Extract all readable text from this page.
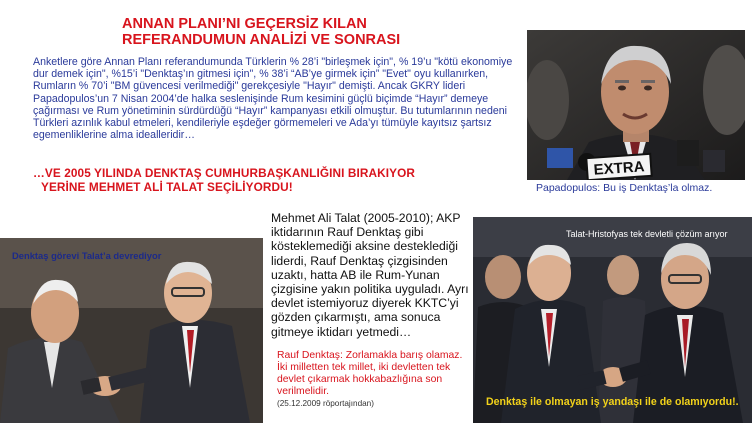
ANNAN PLANI’NI GEÇERSİZ KILAN
REFERANDUMUN ANALİZİ VE SONRASI
Anketlere göre Annan Planı referandumunda Türklerin % 28’i "birleşmek için", % 19’u "kötü ekonomiye dur demek için", %15’i "Denktaş’ın gitmesi için", % 38’i “AB’ye girmek için” "Evet" oyu kullanırken, Rumların % 70’i "BM güvencesi verilmediği" gerekçesiyle "Hayır" demişti. Ancak GKRY lideri Papadopulos’un 7 Nisan 2004’de halka seslenişinde Rum kesimini güçlü biçimde “Hayır” demeye çağırması ve Rum yönetiminin sürdürdüğü “Hayır” kampanyası etkili olmuştur. Bu tutumlarının nedeni Türkleri azınlık kabul etmeleri, kendileriyle eşdeğer görmemeleri ve Ada’yı tümüyle kayıtsız şartsız egemenliklerine alma idealleridir…
…VE 2005 YILINDA DENKTAŞ CUMHURBAŞKANLIĞINI BIRAKIYOR
YERİNE MEHMET ALİ TALAT SEÇİLİYORDU!
EXTRA
Papadopulos: Bu iş Denktaş’la olmaz.
Mehmet Ali Talat (2005-2010); AKP iktidarının Rauf Denktaş gibi kösteklemediği aksine desteklediği liderdi, Rauf Denktaş çizgisinden uzaktı, hatta AB ile Rum-Yunan çizgisine yakın politika uyguladı. Ayrı devlet istemiyoruz diyerek KKTC’yi gözden çıkarmıştı, ama sonuca gitmeye iktidarı yetmedi…
Rauf Denktaş: Zorlamakla barış olamaz. İki milletten tek millet, iki devletten tek devlet çıkarmak hokkabazlığına son verilmelidir.
(25.12.2009 röportajından)
Denktaş görevi Talat’a devrediyor
Talat-Hristofyas tek devletli çözüm arıyor
Denktaş ile olmayan iş yandaşı ile de olamıyordu!.
